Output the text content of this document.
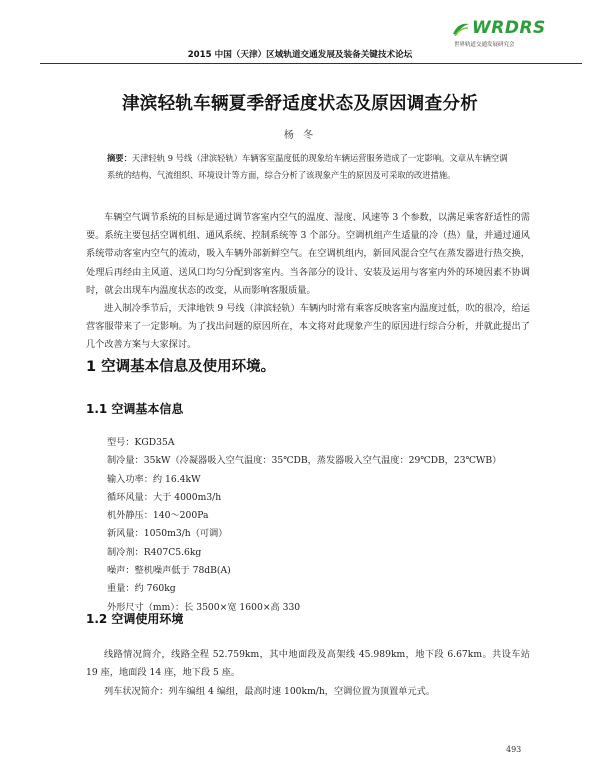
WRDRS
世界轨道交通发展研究会
2015 中国（天津）区域轨道交通发展及装备关键技术论坛
津滨轻轨车辆夏季舒适度状态及原因调查分析
杨 冬
摘要：天津轻轨 9 号线（津滨轻轨）车辆客室温度低的现象给车辆运营服务造成了一定影响。文章从车辆空调系统的结构、气流组织、环境设计等方面，综合分析了该现象产生的原因及可采取的改进措施。
车辆空气调节系统的目标是通过调节客室内空气的温度、湿度、风速等 3 个参数，以满足乘客舒适性的需要。系统主要包括空调机组、通风系统、控制系统等 3 个部分。空调机组产生适量的冷（热）量，并通过通风系统带动客室内空气的流动，吸入车辆外部新鲜空气。在空调机组内，新回风混合空气在蒸发器进行热交换，处理后再经由主风道、送风口均匀分配到客室内。当各部分的设计、安装及运用与客室内外的环境因素不协调时，就会出现车内温度状态的改变，从而影响客服质量。
进入制冷季节后，天津地铁 9 号线（津滨轻轨）车辆内时常有乘客反映客室内温度过低，吹的很冷，给运营客服带来了一定影响。为了找出问题的原因所在，本文将对此现象产生的原因进行综合分析，并就此提出了几个改善方案与大家探讨。
1 空调基本信息及使用环境。
1.1 空调基本信息
型号：KGD35A
制冷量：35kW（冷凝器吸入空气温度：35℃DB，蒸发器吸入空气温度：29℃DB，23℃WB）
输入功率：约 16.4kW
循环风量：大于 4000m3/h
机外静压：140～200Pa
新风量：1050m3/h（可调）
制冷剂：R407C5.6kg
噪声：整机噪声低于 78dB(A)
重量：约 760kg
外形尺寸（mm）：长 3500×宽 1600×高 330
1.2 空调使用环境
线路情况简介，线路全程 52.759km，其中地面段及高架线 45.989km，地下段 6.67km。共设车站 19 座，地面段 14 座，地下段 5 座。
列车状况简介：列车编组 4 编组，最高时速 100km/h，空调位置为顶置单元式。
493
